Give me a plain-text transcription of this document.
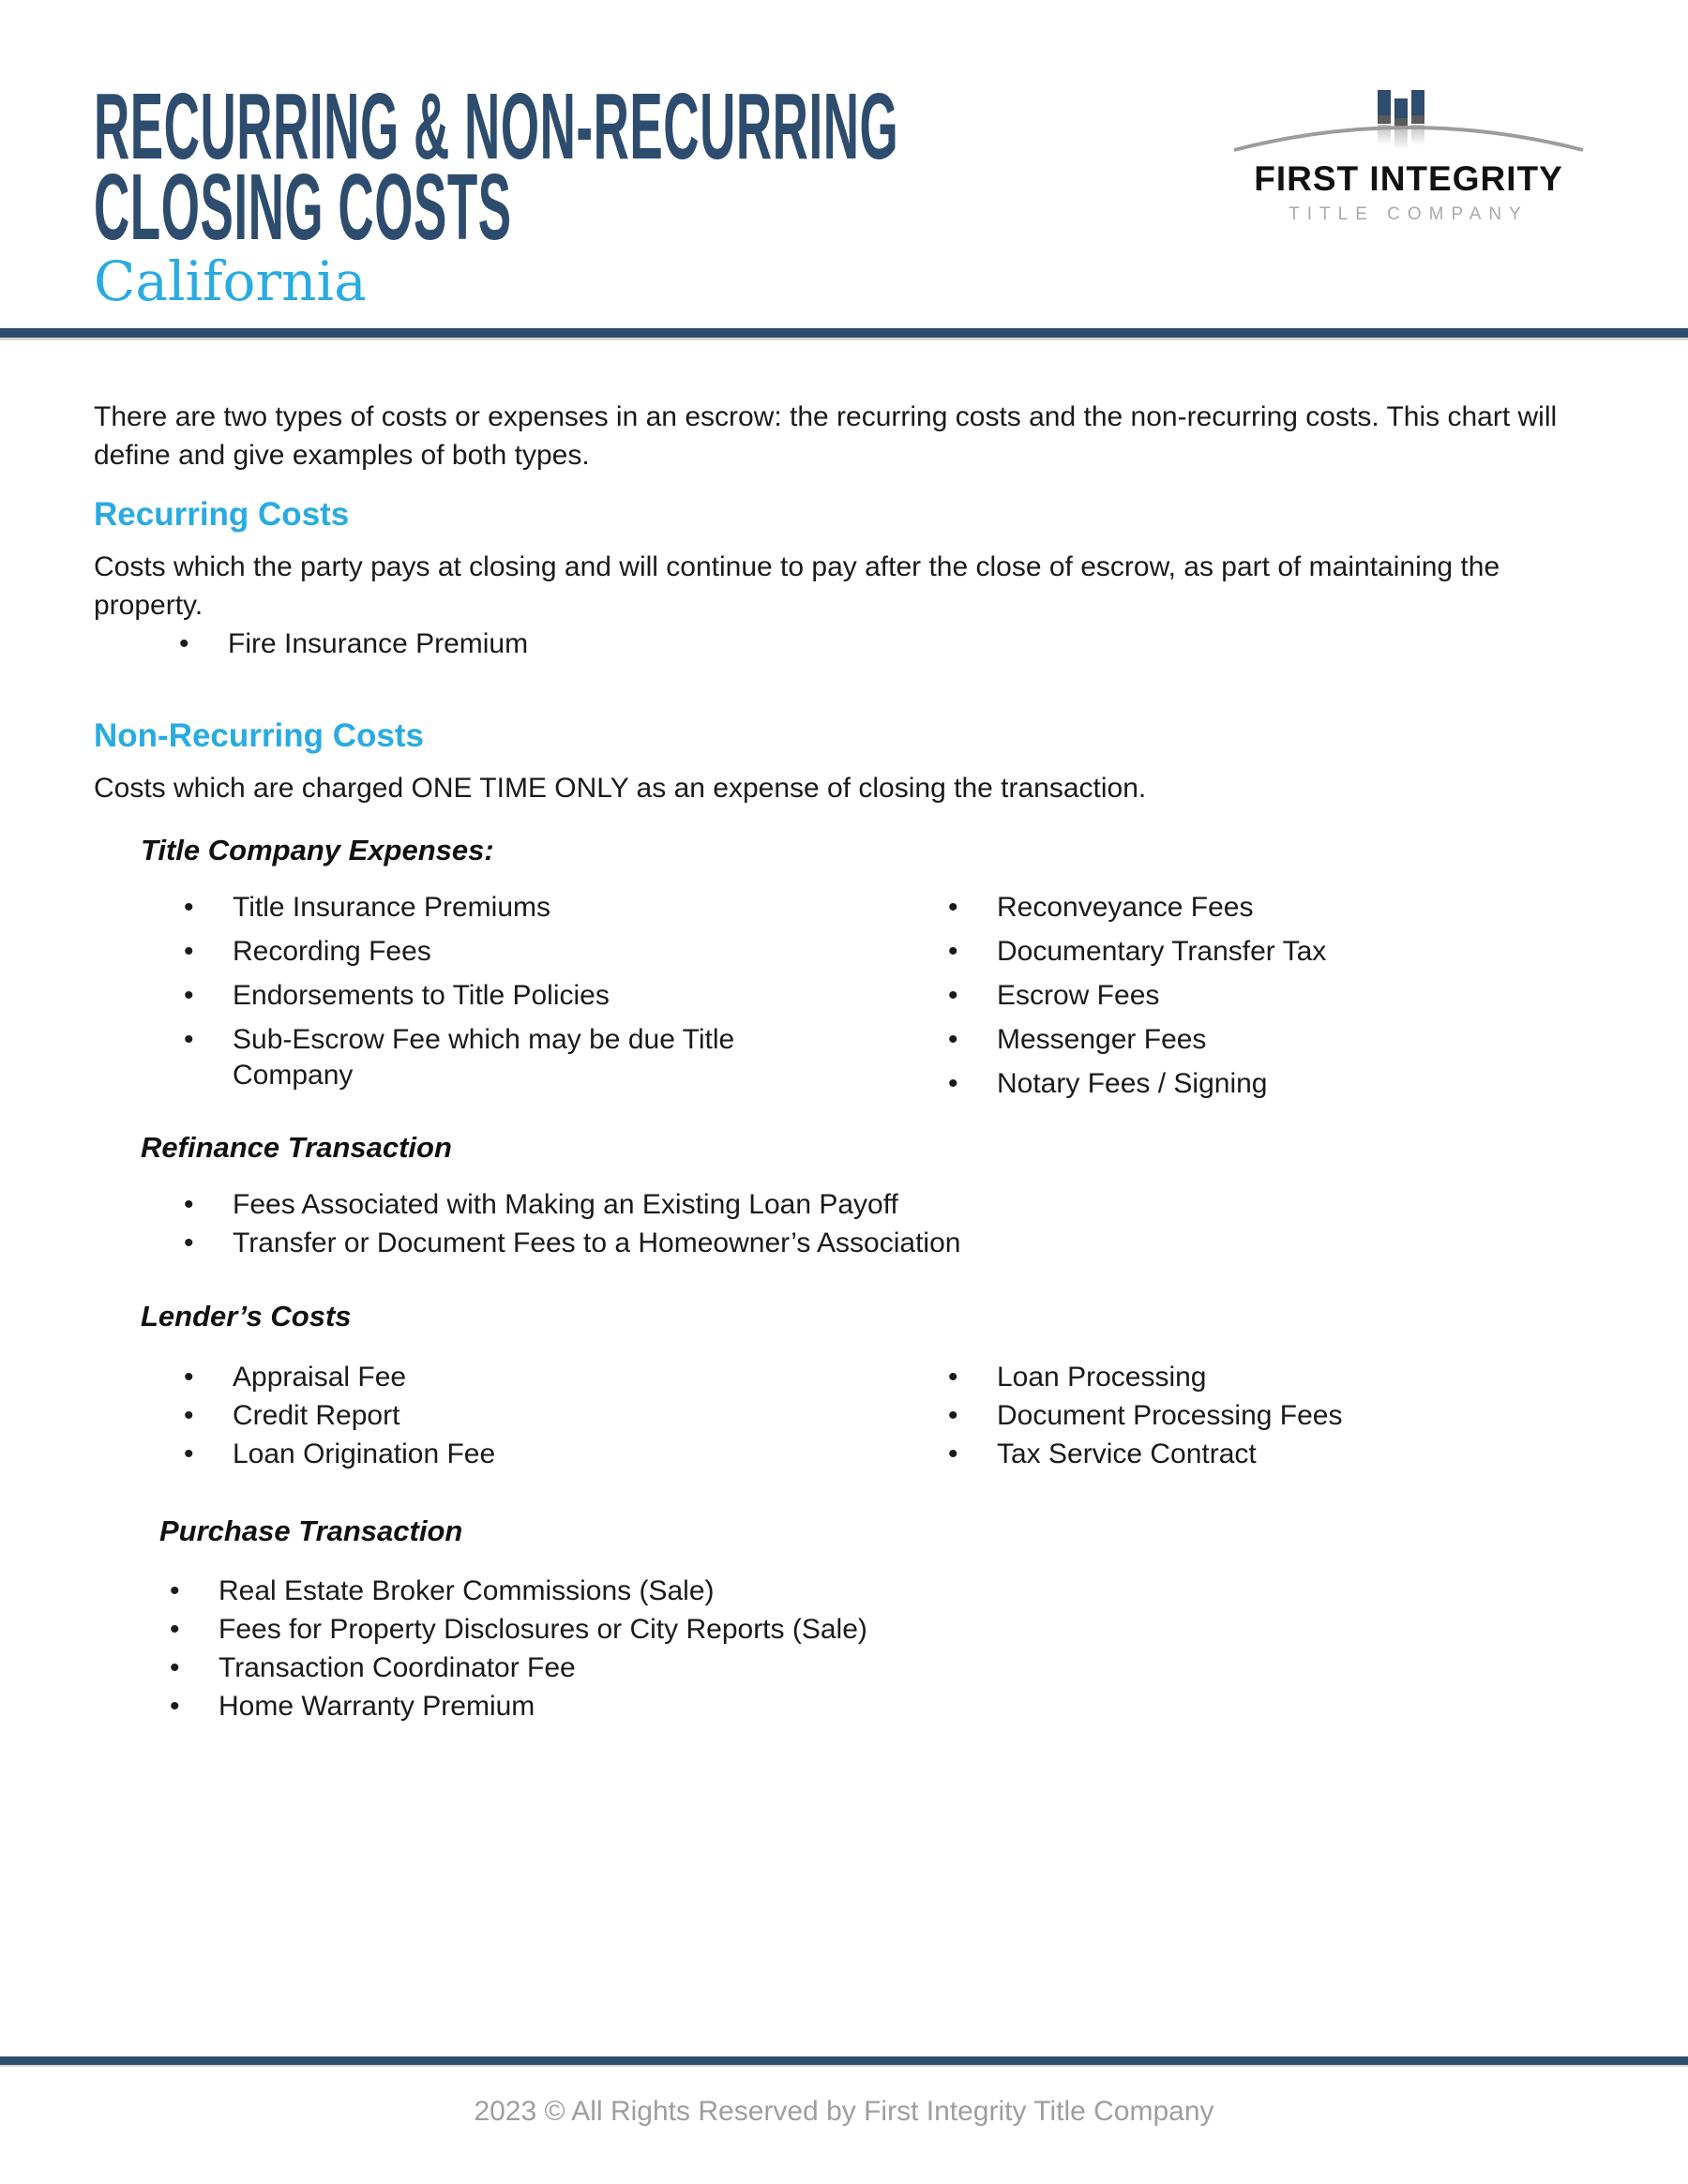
RECURRING & NON-RECURRING
CLOSING COSTS
California
FIRST INTEGRITY
TITLE COMPANY

There are two types of costs or expenses in an escrow: the recurring costs and the non-recurring costs. This chart will define and give examples of both types.

Recurring Costs
Costs which the party pays at closing and will continue to pay after the close of escrow, as part of maintaining the property.
•	Fire Insurance Premium
Non-Recurring Costs
Costs which are charged ONE TIME ONLY as an expense of closing the transaction.
Title Company Expenses:
•	Title Insurance Premiums
•	Recording Fees
•	Endorsements to Title Policies
•	Sub-Escrow Fee which may be due Title Company
•	Reconveyance Fees
•	Documentary Transfer Tax
•	Escrow Fees
•	Messenger Fees
•	Notary Fees / Signing
Refinance Transaction
•	Fees Associated with Making an Existing Loan Payoff
•	Transfer or Document Fees to a Homeowner’s Association
Lender’s Costs
•	Appraisal Fee
•	Credit Report
•	Loan Origination Fee
•	Loan Processing
•	Document Processing Fees
•	Tax Service Contract
Purchase Transaction
•	Real Estate Broker Commissions (Sale)
•	Fees for Property Disclosures or City Reports (Sale)
•	Transaction Coordinator Fee
•	Home Warranty Premium
2023 © All Rights Reserved by First Integrity Title Company
